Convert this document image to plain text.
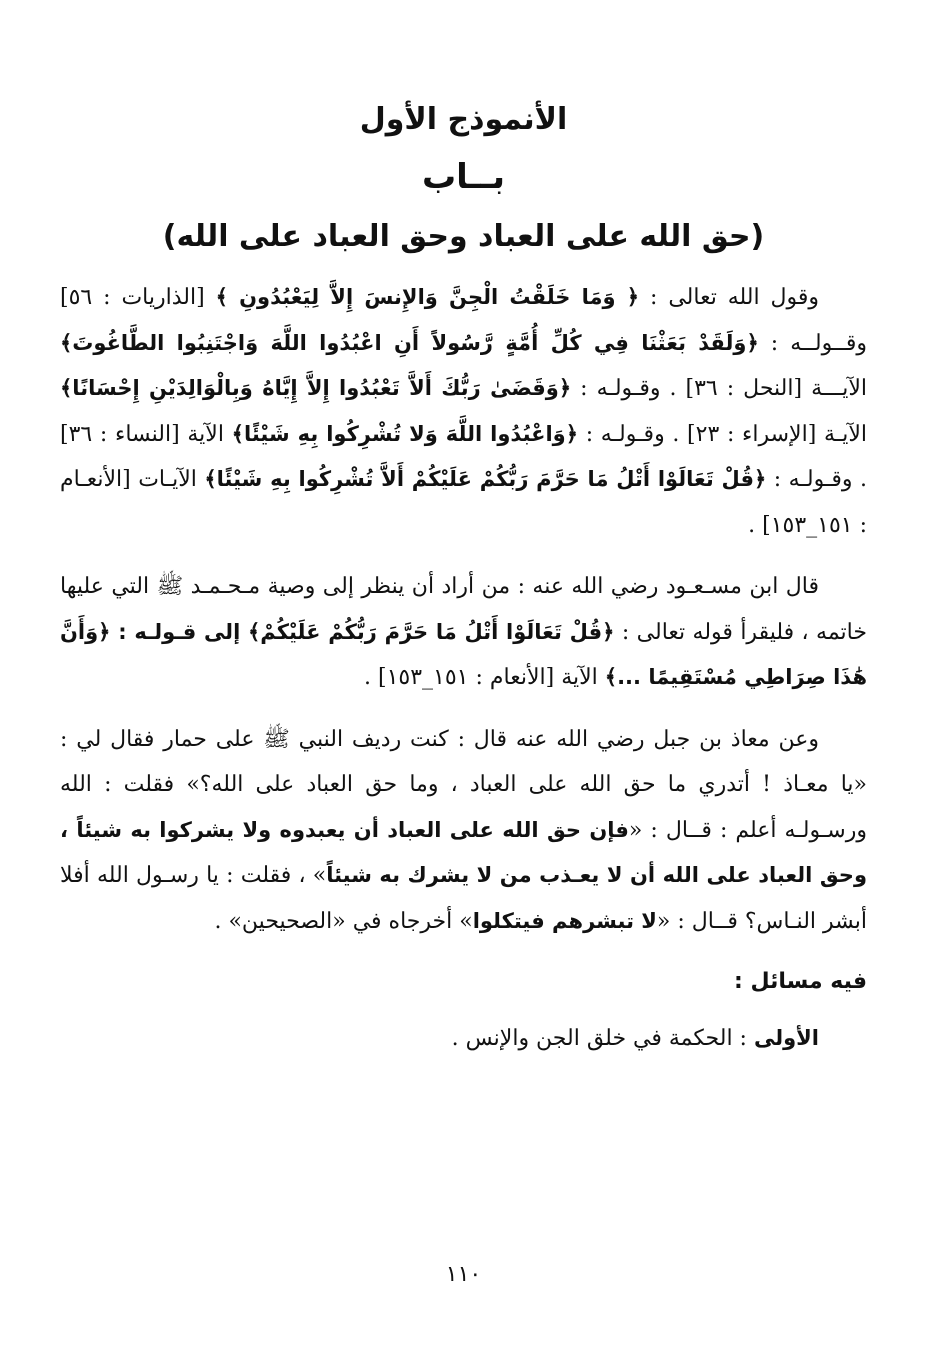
الأنموذج الأول
بــاب
(حق الله على العباد وحق العباد على الله)

وقول الله تعالى : ﴿ وَمَا خَلَقْتُ الْجِنَّ وَالإِنسَ إِلاَّ لِيَعْبُدُونِ ﴾ [الذاريات : ٥٦] وقــولــه : ﴿وَلَقَدْ بَعَثْنَا فِي كُلِّ أُمَّةٍ رَّسُولاً أَنِ اعْبُدُوا اللَّهَ وَاجْتَنِبُوا الطَّاغُوتَ﴾ الآيـــة [النحل : ٣٦] . وقـولـه : ﴿وَقَضَىٰ رَبُّكَ أَلاَّ تَعْبُدُوا إِلاَّ إِيَّاهُ وَبِالْوَالِدَيْنِ إِحْسَانًا﴾ الآيـة [الإسراء : ٢٣] . وقـولـه : ﴿وَاعْبُدُوا اللَّهَ وَلا تُشْرِكُوا بِهِ شَيْئًا﴾ الآية [النساء : ٣٦] . وقـولـه : ﴿قُلْ تَعَالَوْا أَتْلُ مَا حَرَّمَ رَبُّكُمْ عَلَيْكُمْ أَلاَّ تُشْرِكُوا بِهِ شَيْئًا﴾ الآيـات [الأنعـام : ١٥١_١٥٣] .

قال ابن مسـعـود رضي الله عنه : من أراد أن ينظر إلى وصية مـحـمـد ﷺ التي عليها خاتمه ، فليقرأ قوله تعالى : ﴿قُلْ تَعَالَوْا أَتْلُ مَا حَرَّمَ رَبُّكُمْ عَلَيْكُمْ﴾ إلى قـولـه : ﴿وَأَنَّ هَٰذَا صِرَاطِي مُسْتَقِيمًا ...﴾ الآية [الأنعام : ١٥١_١٥٣] .

وعن معاذ بن جبل رضي الله عنه قال : كنت رديف النبي ﷺ على حمار فقال لي : «يا معـاذ ! أتدري ما حق الله على العباد ، وما حق العباد على الله؟» فقلت : الله ورسـولـه أعلم : قــال : «فإن حق الله على العباد أن يعبدوه ولا يشركوا به شيئاً ، وحق العباد على الله أن لا يعـذب من لا يشرك به شيئاً» ، فقلت : يا رسـول الله أفلا أبشر النـاس؟ قــال : «لا تبشرهم فيتكلوا» أخرجاه في «الصحيحين» .

فيه مسائل :

الأولى : الحكمة في خلق الجن والإنس .

١١٠
